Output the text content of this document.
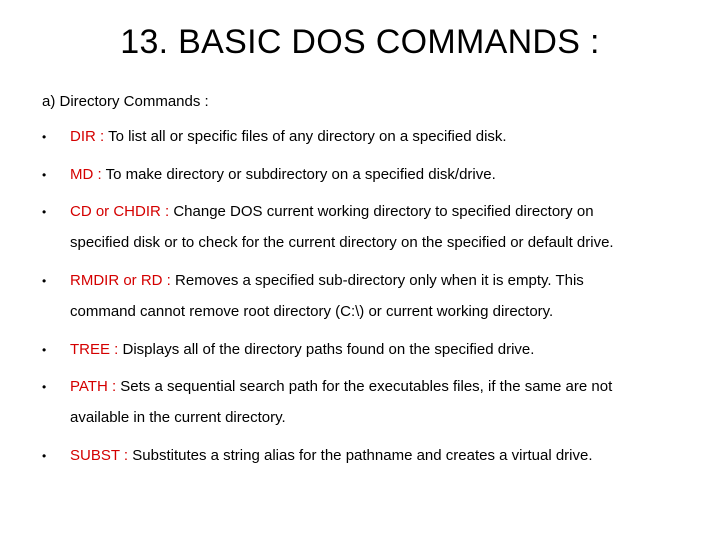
13. BASIC DOS COMMANDS :
a) Directory Commands :
• DIR : To list all or specific files of any directory on a specified disk.

• MD : To make directory or subdirectory on a specified disk/drive.

• CD or CHDIR : Change DOS current working directory to specified directory on
specified disk or to check for the current directory on the specified or default drive.

• RMDIR or RD : Removes a specified sub-directory only when it is empty. This
command cannot remove root directory (C:\) or current working directory.

• TREE : Displays all of the directory paths found on the specified drive.

• PATH : Sets a sequential search path for the executables files, if the same are not
available in the current directory.

• SUBST : Substitutes a string alias for the pathname and creates a virtual drive.
